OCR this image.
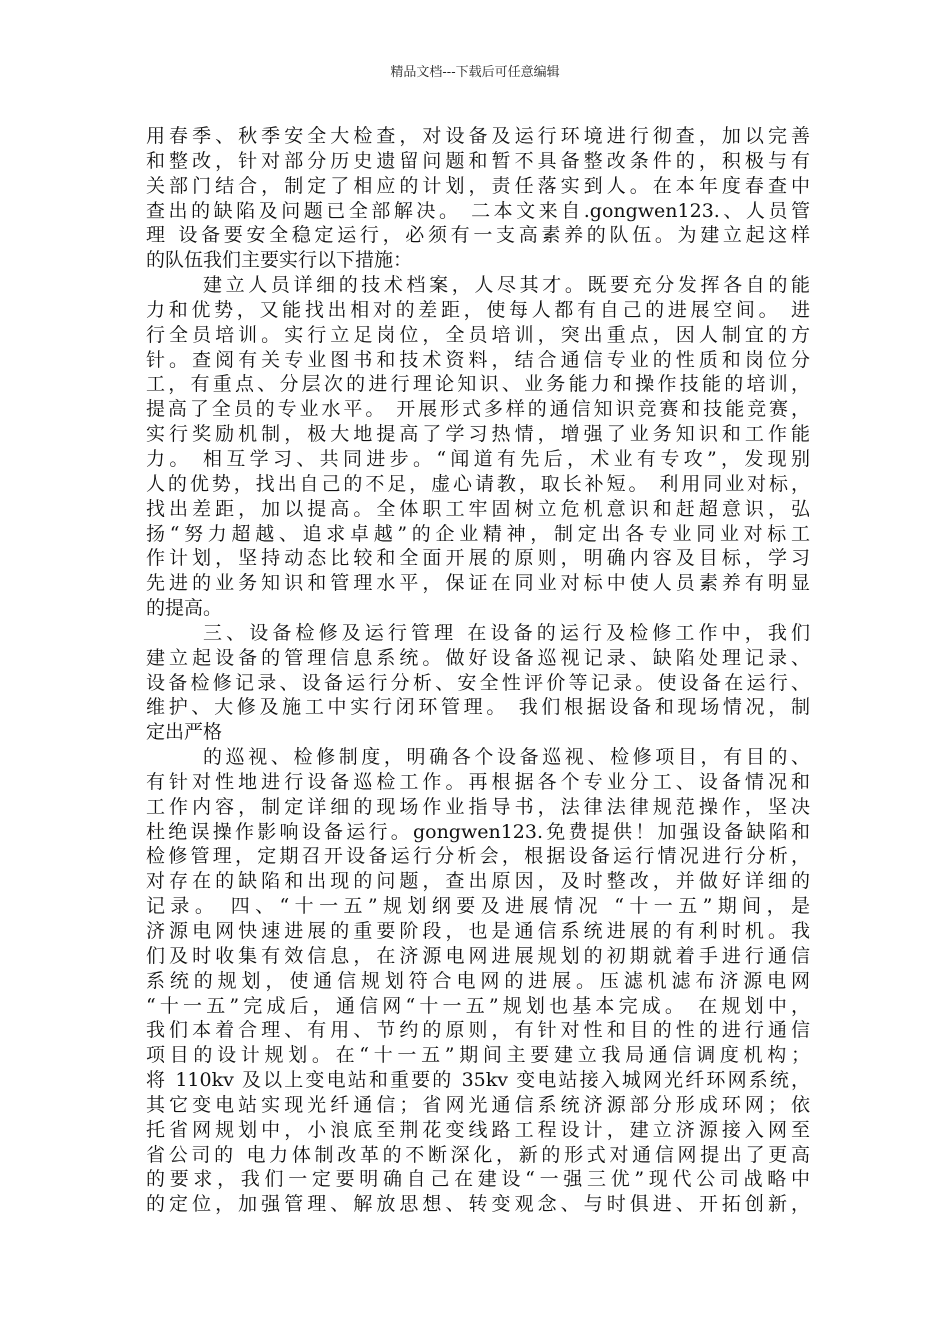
精品文档---下载后可任意编辑
用春季、秋季安全大检查，对设备及运行环境进行彻查，加以完善
和整改，针对部分历史遗留问题和暂不具备整改条件的，积极与有
关部门结合，制定了相应的计划，责任落实到人。在本年度春查中
查出的缺陷及问题已全部解决。 二本文来自.gongwen123.、人员管
理 设备要安全稳定运行，必须有一支高素养的队伍。为建立起这样
的队伍我们主要实行以下措施：
建立人员详细的技术档案，人尽其才。既要充分发挥各自的能
力和优势，又能找出相对的差距，使每人都有自己的进展空间。 进
行全员培训。实行立足岗位，全员培训，突出重点，因人制宜的方
针。查阅有关专业图书和技术资料，结合通信专业的性质和岗位分
工，有重点、分层次的进行理论知识、业务能力和操作技能的培训，
提高了全员的专业水平。 开展形式多样的通信知识竞赛和技能竞赛，
实行奖励机制，极大地提高了学习热情，增强了业务知识和工作能
力。 相互学习、共同进步。“闻道有先后，术业有专攻”，发现别
人的优势，找出自己的不足，虚心请教，取长补短。 利用同业对标，
找出差距，加以提高。全体职工牢固树立危机意识和赶超意识，弘
扬“努力超越、追求卓越”的企业精神，制定出各专业同业对标工
作计划，坚持动态比较和全面开展的原则，明确内容及目标，学习
先进的业务知识和管理水平，保证在同业对标中使人员素养有明显
的提高。
三、设备检修及运行管理 在设备的运行及检修工作中，我们
建立起设备的管理信息系统。做好设备巡视记录、缺陷处理记录、
设备检修记录、设备运行分析、安全性评价等记录。使设备在运行、
维护、大修及施工中实行闭环管理。 我们根据设备和现场情况，制
定出严格
的巡视、检修制度，明确各个设备巡视、检修项目，有目的、
有针对性地进行设备巡检工作。再根据各个专业分工、设备情况和
工作内容，制定详细的现场作业指导书，法律法律规范操作，坚决
杜绝误操作影响设备运行。gongwen123.免费提供！加强设备缺陷和
检修管理，定期召开设备运行分析会，根据设备运行情况进行分析，
对存在的缺陷和出现的问题，查出原因，及时整改，并做好详细的
记录。 四、“十一五”规划纲要及进展情况 “十一五”期间，是
济源电网快速进展的重要阶段，也是通信系统进展的有利时机。我
们及时收集有效信息，在济源电网进展规划的初期就着手进行通信
系统的规划，使通信规划符合电网的进展。压滤机滤布济源电网
“十一五”完成后，通信网“十一五”规划也基本完成。 在规划中，
我们本着合理、有用、节约的原则，有针对性和目的性的进行通信
项目的设计规划。在“十一五”期间主要建立我局通信调度机构；
将 110kv 及以上变电站和重要的 35kv 变电站接入城网光纤环网系统，
其它变电站实现光纤通信；省网光通信系统济源部分形成环网；依
托省网规划中，小浪底至荆花变线路工程设计，建立济源接入网至
省公司的 电力体制改革的不断深化，新的形式对通信网提出了更高
的要求，我们一定要明确自己在建设“一强三优”现代公司战略中
的定位，加强管理、解放思想、转变观念、与时俱进、开拓创新，
